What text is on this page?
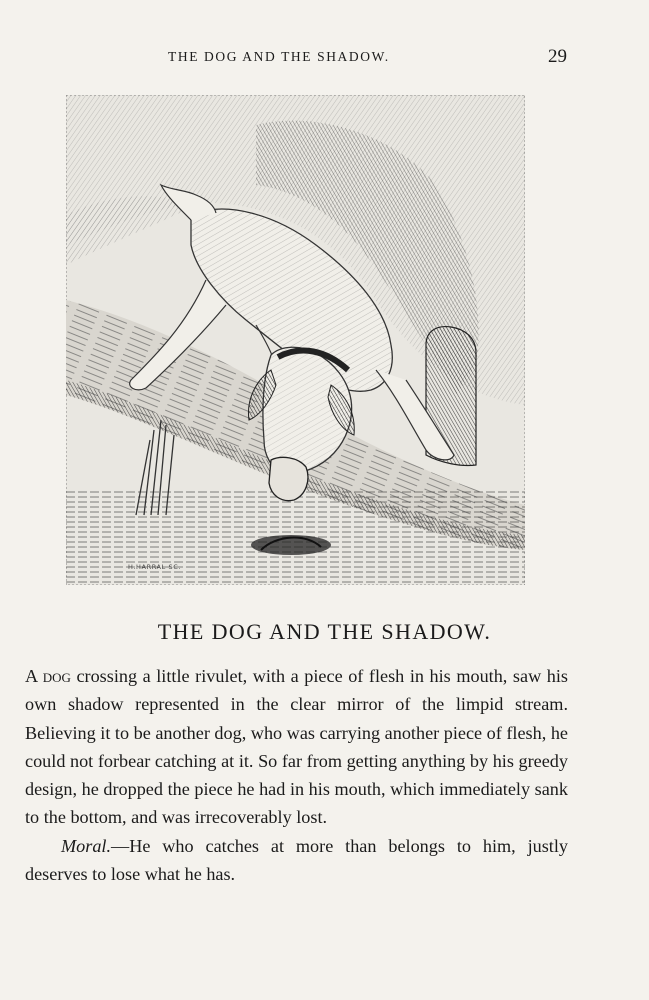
THE DOG AND THE SHADOW.	29
H.HARRAL SC.
THE DOG AND THE SHADOW.

A dog crossing a little rivulet, with a piece of flesh in his mouth, saw his own shadow represented in the clear mirror of the limpid stream. Believing it to be another dog, who was carrying another piece of flesh, he could not forbear catching at it. So far from getting anything by his greedy design, he dropped the piece he had in his mouth, which immediately sank to the bottom, and was irrecoverably lost.

Moral.—He who catches at more than belongs to him, justly deserves to lose what he has.
